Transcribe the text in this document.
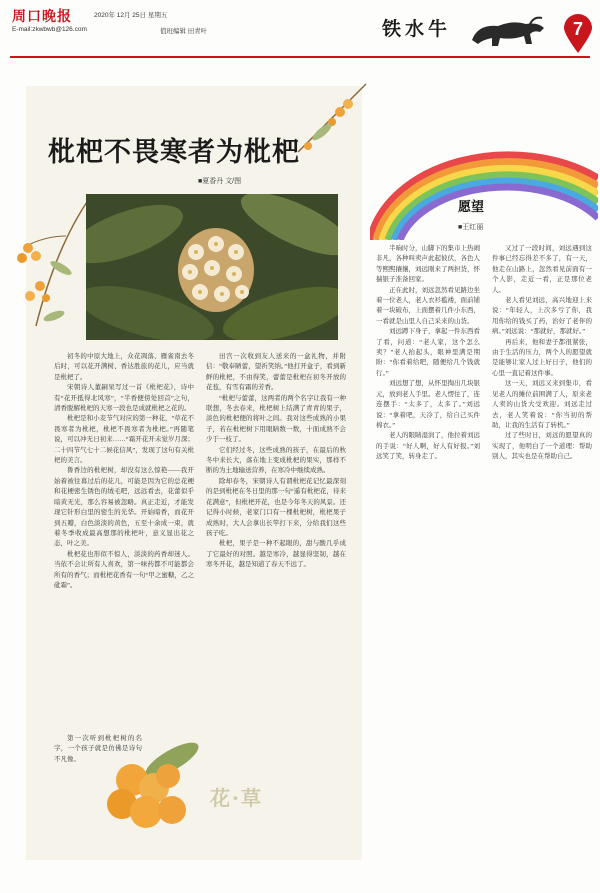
周口晚报	2020年 12月 25日 星期五
E-mail:zkwbwb@126.com	值班编辑 田青叶	铁水牛	7
枇杷不畏寒者为枇杷
■夏香丹 文/图

初冬的中原大地上，众花凋落、雁雀南去冬后时，可以花开满树、香达胜旅的花儿，应当就是枇杷了。

宋朝诗人董嗣杲写过一首《枇杷花》，诗中有“花开抵得北风寒”，“半香便傍处回首”之句，清香脱解枇杷的天寒一段也是成就枇杷之花的。

枇杷是和小麦节气对应的第一种花，“草花不畏寒者为枇杷，枇杷不畏寒者为枇杷。”再随笔说，可以冲无日初来……“霜开花开未觉岁月深；二十四节气七十二候花信风”，发现了这句有关枇杷的美言。

鲁香边的枇杷树，却没有这么惊艳——我开始着被往暮过后的花儿，可能是因为它的总花梗和花梗密生锈色的绒毛吧，远远看去，花蕾似乎暗黄无光，那么容易被忽略。真正走近，才能发现它针形白里的密生的光华。开始暗香，而花开到五瓣，白色淡淡的黄色，五至十余成一束，就着冬季收成最高想那的枇杷叶，意义显出花之态，叶之美。

枇杷花也形似不惊人，淡淡的药香却迷人。当依不会让所有人喜欢，第一味药都不可能都会所有的香气；而枇杷花香有一句“甲之蜜糖，乙之砒霜”。

田宫一次收到友人送来的一盒礼物，并附信：“敬奉陋蕾，望祈笑纳。”他打开盒子，看到新鲜的枇杷，不由得笑，蕾蕾是枇杷在初冬开放的花苞，有雪有霜的芳香。

“枇杷与蕾蕾，这两者的两个名字让我有一种联想，冬去春来，枇杷树上结满了青青的果子，淡色的枇杷便的将叶之间。我对这些成熟的小果子，若在枇杷树下用眼睛数一数，十面成熟不会少于一枝了。

它们经过冬，这些成熟的孩子，在最后的秋冬中来长大，落在地上变成枇杷的果实，那样不断的为土地输送营养，在寒冷中继续成熟。

除却春冬，宋朝诗人有谓枇杷花记忆最深刻的是到枇杷在冬日里的那一句“遥有枇杷花，待来花满意”，但枇杷开花，也是今年冬天的风景。还记得小时候，老家门口有一棵枇杷树，枇杷果子成熟时，大人会拿出长竿打下来，分给我们这些孩子吃。

枇杷，果子是一种不起眼的，甜与酸几乎成了它最好的对照。越是寒冷，越显得坚韧，越在寒冬开花，越是知道了春天不远了。

第一次听到枇杷树的名字，一个孩子就是仿佛是诗句不凡像。

花·草
愿望
■王红丽

半晌时分，山脚下的集市上热闹非凡，各种叫卖声此起彼伏，各色人等熙熙攘攘，刘远刚来了两担货，怀揣银子准备回家。

正在此时，刘远忽然看见路边坐着一位老人，老人衣衫褴褛，面前铺着一块破布，上面摆着几件小东西，一看就是山里人自己采来的山货。

刘远蹲下身子，拿起一件东西看了看，问道：“老人家，这个怎么卖？”老人抬起头，眼神里满是期盼：“你看着给吧，随便给几个钱就行。”

刘远想了想，从怀里掏出几块银元，放到老人手里。老人愣住了，连连摆手：“太多了，太多了。”刘远说：“拿着吧，天冷了，给自己买件棉衣。”

老人的眼睛湿润了，他拉着刘远的手说：“好人啊，好人有好报。”刘远笑了笑，转身走了。

又过了一段时间，刘远遇到这件事已经忘得差不多了，有一天，他走在山路上，忽然看见前面有一个人影，走近一看，正是那位老人。

老人看见刘远，高兴地迎上来说：“年轻人，上次多亏了你，我用你给的钱买了药，治好了老伴的病。”刘远说：“那就好，那就好。”

再后来，他和妻子都很紧张，由于生活的压力，两个人的愿望就是能够让家人过上好日子，他们的心里一直记着这件事。

这一天，刘远又来到集市，看见老人的摊位前围满了人，原来老人卖的山货大受欢迎。刘远走过去，老人笑着说：“你当初的帮助，让我的生活有了转机。”

过了些时日，刘远的愿望真的实现了，他明白了一个道理：帮助别人，其实也是在帮助自己。
